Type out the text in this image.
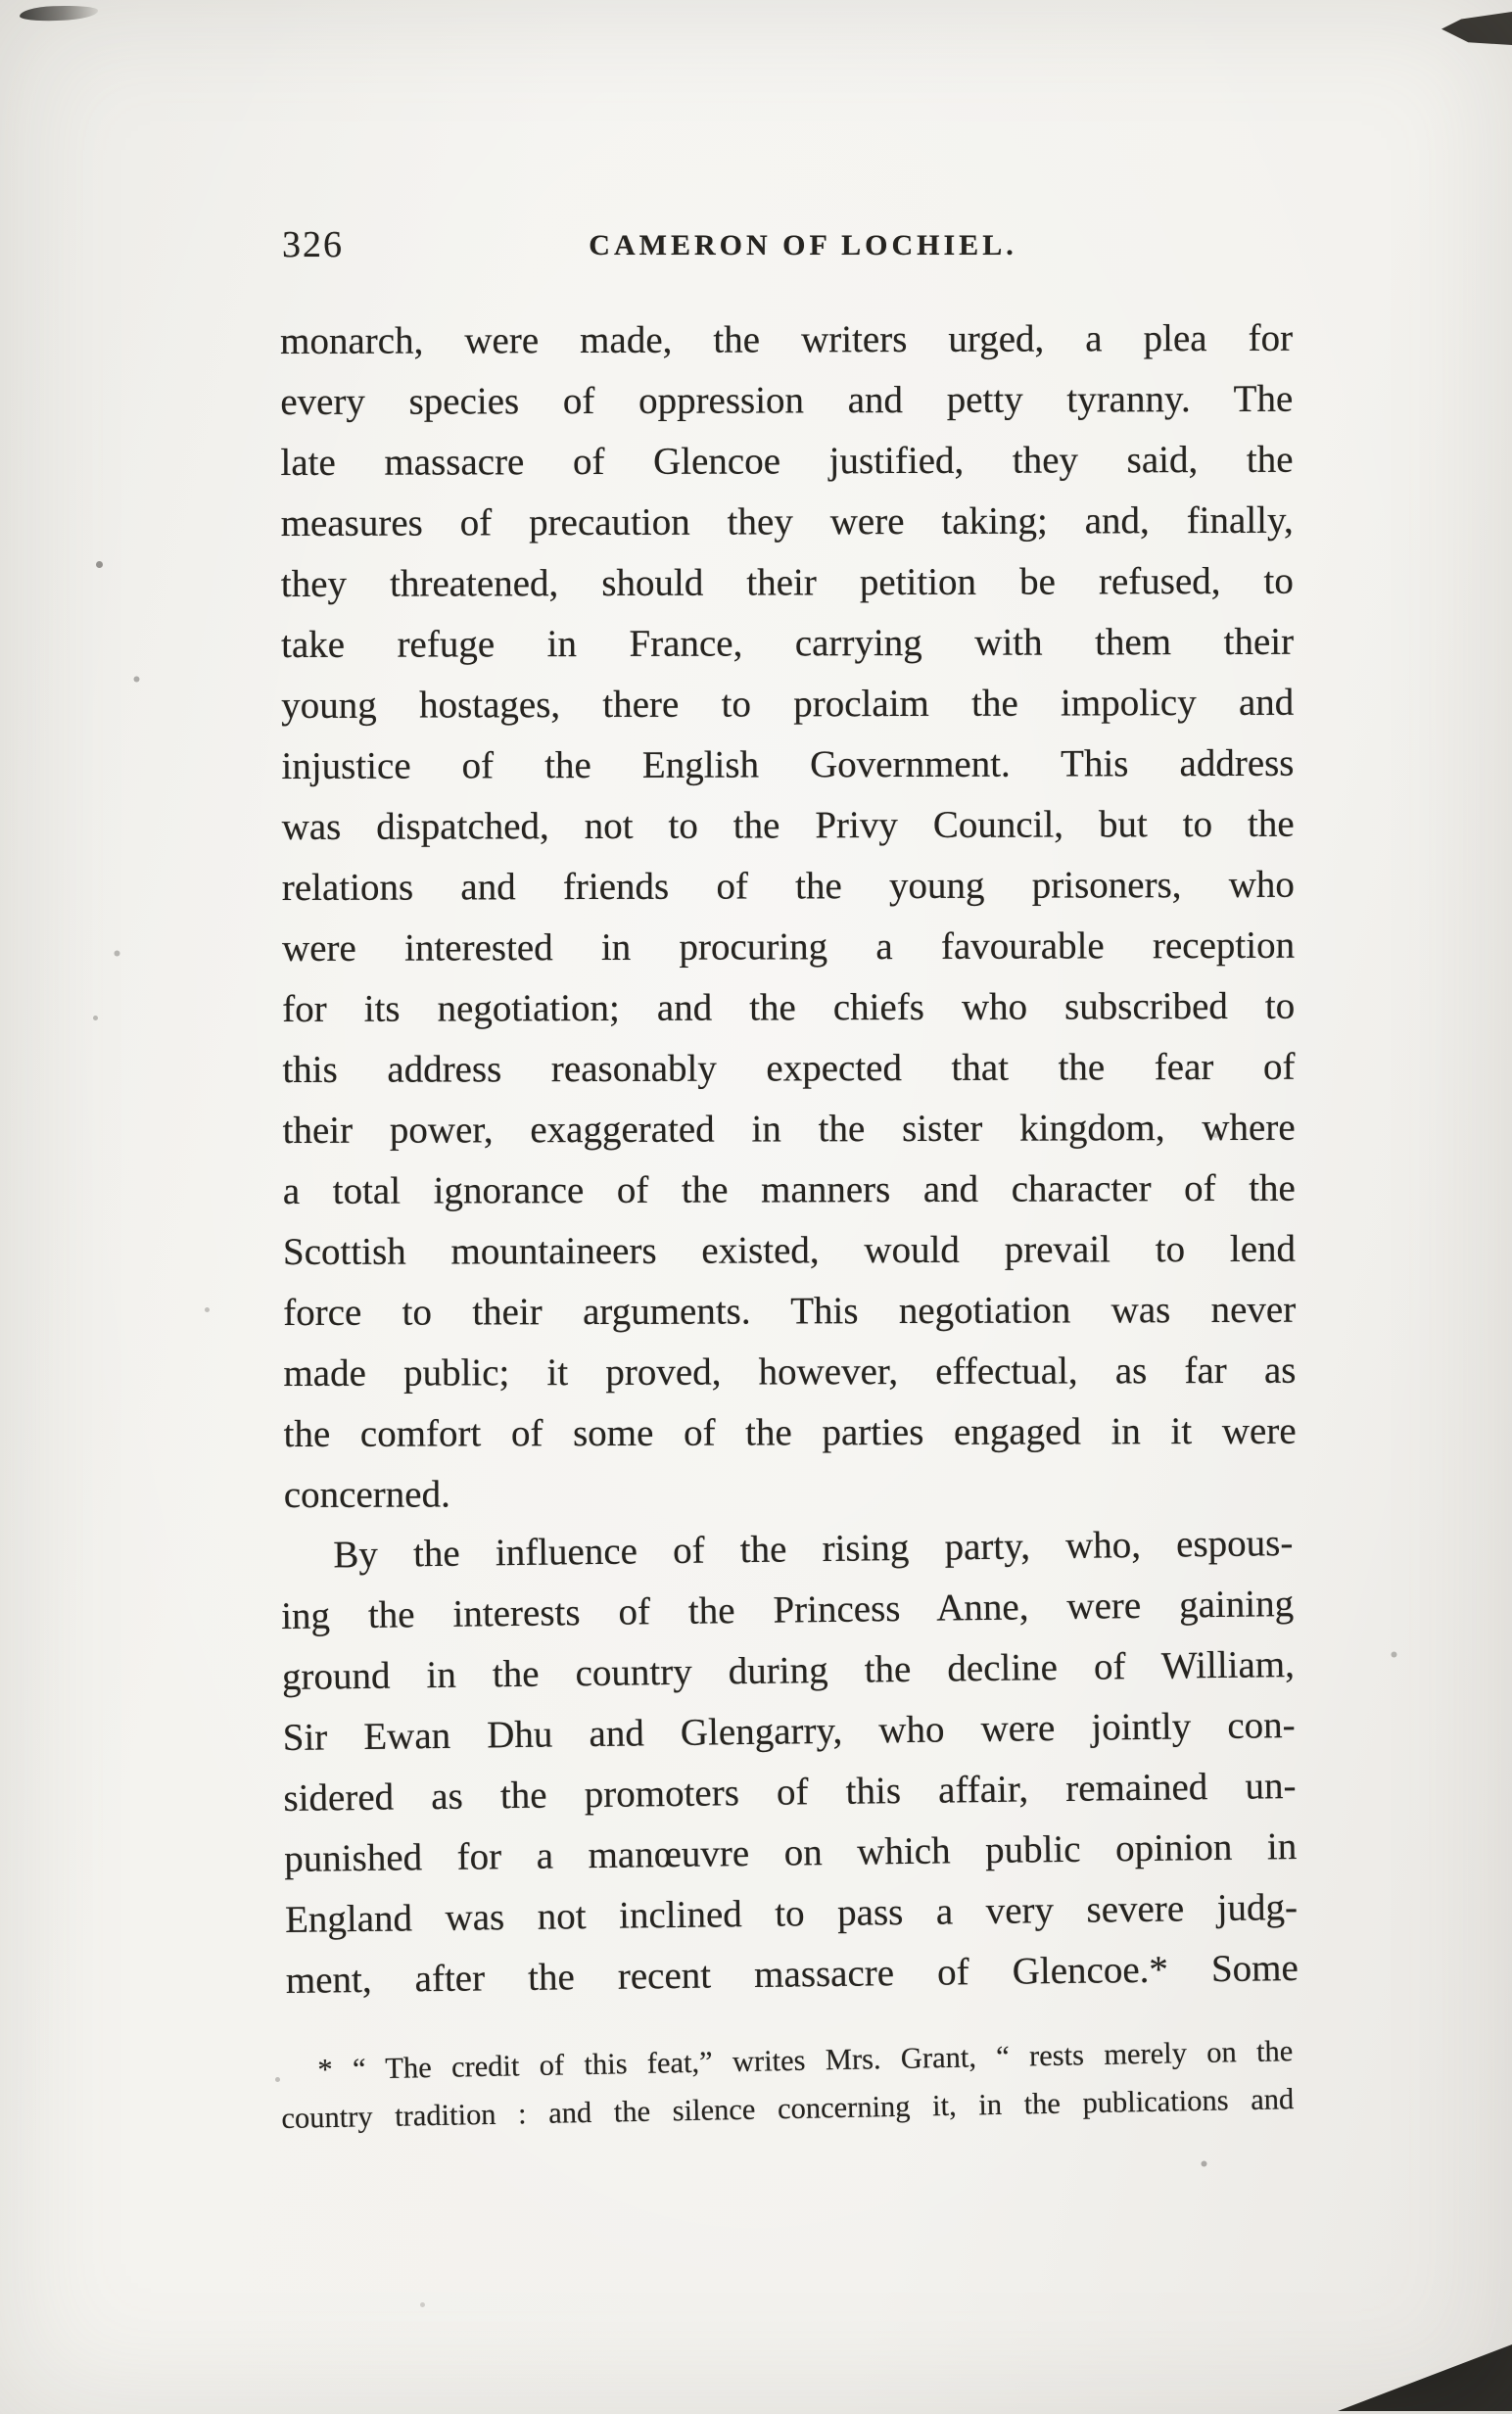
326	CAMERON OF LOCHIEL.
monarch, were made, the writers urged, a plea for
every species of oppression and petty tyranny. The
late massacre of Glencoe justified, they said, the
measures of precaution they were taking; and, finally,
they threatened, should their petition be refused, to
take refuge in France, carrying with them their
young hostages, there to proclaim the impolicy and
injustice of the English Government. This address
was dispatched, not to the Privy Council, but to the
relations and friends of the young prisoners, who
were interested in procuring a favourable reception
for its negotiation; and the chiefs who subscribed to
this address reasonably expected that the fear of
their power, exaggerated in the sister kingdom, where
a total ignorance of the manners and character of the
Scottish mountaineers existed, would prevail to lend
force to their arguments. This negotiation was never
made public; it proved, however, effectual, as far as
the comfort of some of the parties engaged in it were
concerned.
By the influence of the rising party, who, espous-
ing the interests of the Princess Anne, were gaining
ground in the country during the decline of William,
Sir Ewan Dhu and Glengarry, who were jointly con-
sidered as the promoters of this affair, remained un-
punished for a manœuvre on which public opinion in
England was not inclined to pass a very severe judg-
ment, after the recent massacre of Glencoe.* Some
* “ The credit of this feat,” writes Mrs. Grant, “ rests merely on the
country tradition : and the silence concerning it, in the publications and
